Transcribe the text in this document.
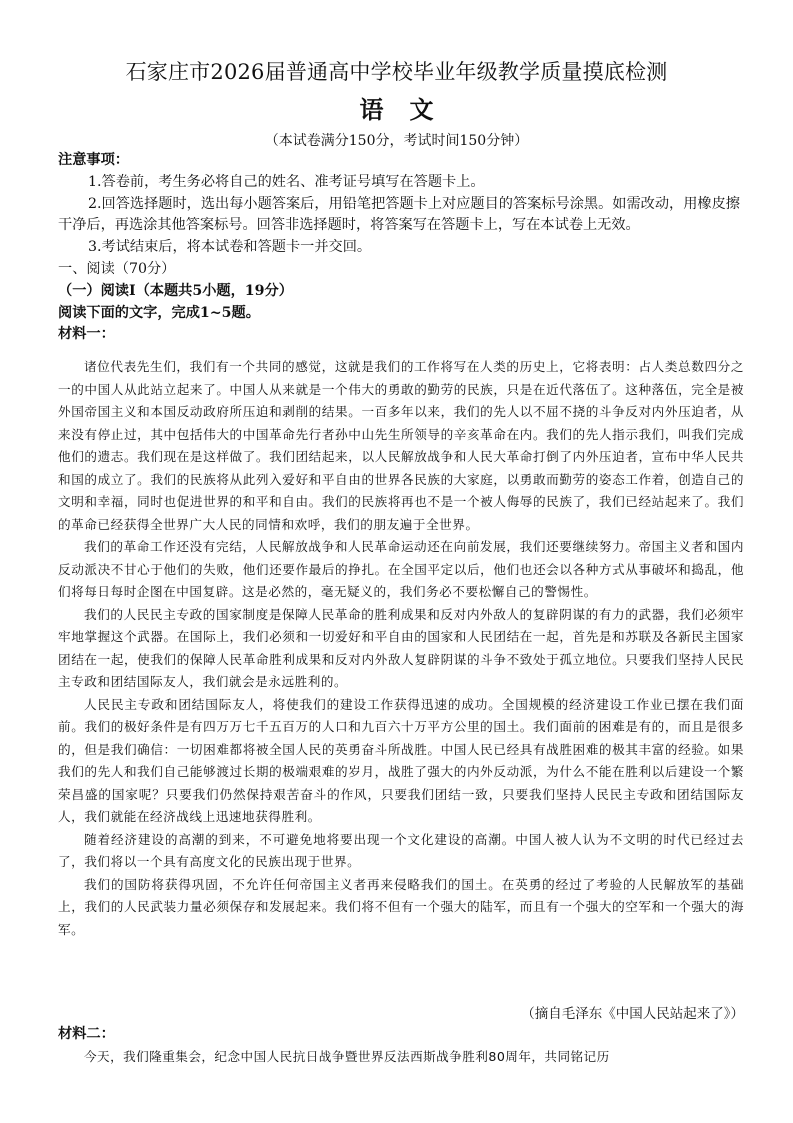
石家庄市2026届普通高中学校毕业年级教学质量摸底检测
语文
（本试卷满分150分，考试时间150分钟）

注意事项：

1.答卷前，考生务必将自己的姓名、准考证号填写在答题卡上。

2.回答选择题时，选出每小题答案后，用铅笔把答题卡上对应题目的答案标号涂黑。如需改动，用橡皮擦干净后，再选涂其他答案标号。回答非选择题时，将答案写在答题卡上，写在本试卷上无效。

3.考试结束后，将本试卷和答题卡一并交回。

一、阅读（70分）

（一）阅读Ⅰ（本题共5小题，19分）

阅读下面的文字，完成1~5题。

材料一：

诸位代表先生们，我们有一个共同的感觉，这就是我们的工作将写在人类的历史上，它将表明：占人类总数四分之一的中国人从此站立起来了。中国人从来就是一个伟大的勇敢的勤劳的民族，只是在近代落伍了。这种落伍，完全是被外国帝国主义和本国反动政府所压迫和剥削的结果。一百多年以来，我们的先人以不屈不挠的斗争反对内外压迫者，从来没有停止过，其中包括伟大的中国革命先行者孙中山先生所领导的辛亥革命在内。我们的先人指示我们，叫我们完成他们的遗志。我们现在是这样做了。我们团结起来，以人民解放战争和人民大革命打倒了内外压迫者，宣布中华人民共和国的成立了。我们的民族将从此列入爱好和平自由的世界各民族的大家庭，以勇敢而勤劳的姿态工作着，创造自己的文明和幸福，同时也促进世界的和平和自由。我们的民族将再也不是一个被人侮辱的民族了，我们已经站起来了。我们的革命已经获得全世界广大人民的同情和欢呼，我们的朋友遍于全世界。

我们的革命工作还没有完结，人民解放战争和人民革命运动还在向前发展，我们还要继续努力。帝国主义者和国内反动派决不甘心于他们的失败，他们还要作最后的挣扎。在全国平定以后，他们也还会以各种方式从事破坏和捣乱，他们将每日每时企图在中国复辟。这是必然的，毫无疑义的，我们务必不要松懈自己的警惕性。

我们的人民民主专政的国家制度是保障人民革命的胜利成果和反对内外敌人的复辟阴谋的有力的武器，我们必须牢牢地掌握这个武器。在国际上，我们必须和一切爱好和平自由的国家和人民团结在一起，首先是和苏联及各新民主国家团结在一起，使我们的保障人民革命胜利成果和反对内外敌人复辟阴谋的斗争不致处于孤立地位。只要我们坚持人民民主专政和团结国际友人，我们就会是永远胜利的。

人民民主专政和团结国际友人，将使我们的建设工作获得迅速的成功。全国规模的经济建设工作业已摆在我们面前。我们的极好条件是有四万万七千五百万的人口和九百六十万平方公里的国土。我们面前的困难是有的，而且是很多的，但是我们确信：一切困难都将被全国人民的英勇奋斗所战胜。中国人民已经具有战胜困难的极其丰富的经验。如果我们的先人和我们自己能够渡过长期的极端艰难的岁月，战胜了强大的内外反动派，为什么不能在胜利以后建设一个繁荣昌盛的国家呢？只要我们仍然保持艰苦奋斗的作风，只要我们团结一致，只要我们坚持人民民主专政和团结国际友人，我们就能在经济战线上迅速地获得胜利。

随着经济建设的高潮的到来，不可避免地将要出现一个文化建设的高潮。中国人被人认为不文明的时代已经过去了，我们将以一个具有高度文化的民族出现于世界。

我们的国防将获得巩固，不允许任何帝国主义者再来侵略我们的国土。在英勇的经过了考验的人民解放军的基础上，我们的人民武装力量必须保存和发展起来。我们将不但有一个强大的陆军，而且有一个强大的空军和一个强大的海军。

（摘自毛泽东《中国人民站起来了》）

材料二：

今天，我们隆重集会，纪念中国人民抗日战争暨世界反法西斯战争胜利80周年，共同铭记历
